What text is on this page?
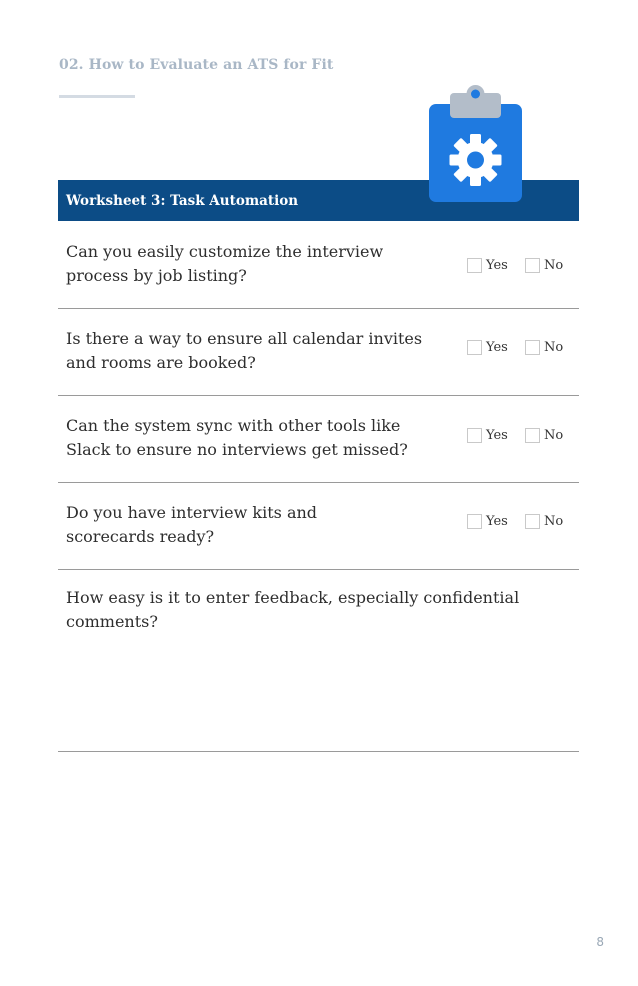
02. How to Evaluate an ATS for Fit
Worksheet 3: Task Automation
Can you easily customize the interview process by job listing?
Yes	No
Is there a way to ensure all calendar invites and rooms are booked?
Yes	No
Can the system sync with other tools like Slack to ensure no interviews get missed?
Yes	No
Do you have interview kits and scorecards ready?
Yes	No
How easy is it to enter feedback, especially confidential comments?
8
